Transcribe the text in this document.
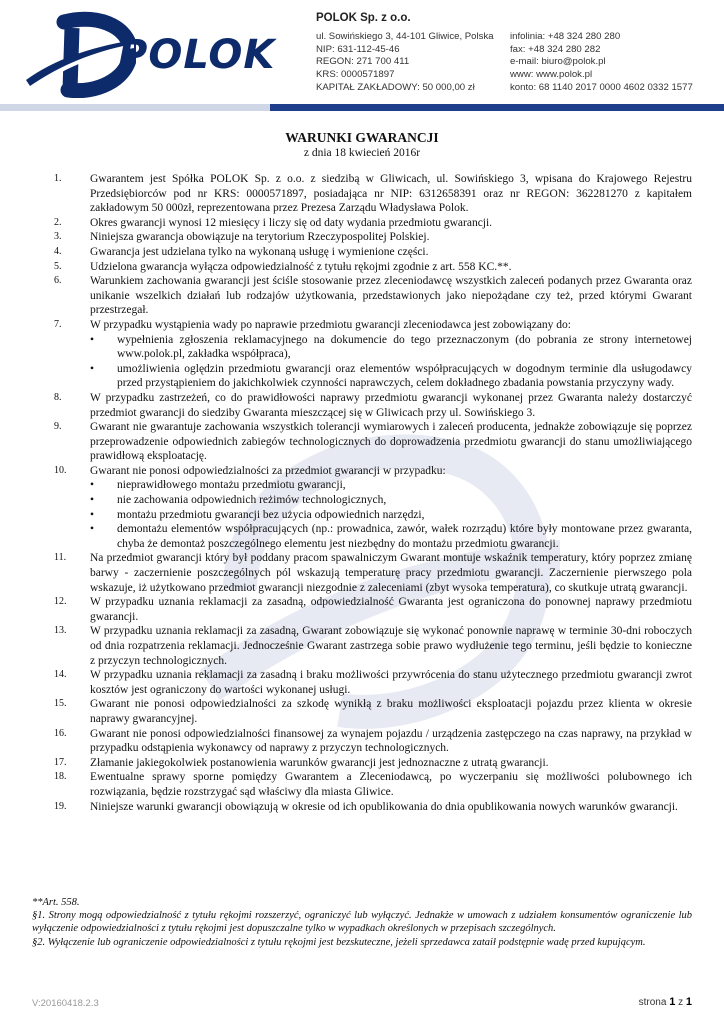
POLOK
POLOK Sp. z o.o.
ul. Sowińskiego 3, 44-101 Gliwice, Polska
NIP: 631-112-45-46
REGON: 271 700 411
KRS: 0000571897
KAPITAŁ ZAKŁADOWY: 50 000,00 zł
infolinia: +48 324 280 280
fax: +48 324 280 282
e-mail: biuro@polok.pl
www: www.polok.pl
konto: 68 1140 2017 0000 4602 0332 1577
WARUNKI GWARANCJI
z dnia 18 kwiecień 2016r
1. Gwarantem jest Spółka POLOK Sp. z o.o. z siedzibą w Gliwicach, ul. Sowińskiego 3, wpisana do Krajowego Rejestru Przedsiębiorców pod nr KRS: 0000571897, posiadająca nr NIP: 6312658391 oraz nr REGON: 362281270 z kapitałem zakładowym 50 000zł, reprezentowana przez Prezesa Zarządu Władysława Polok.
2. Okres gwarancji wynosi 12 miesięcy i liczy się od daty wydania przedmiotu gwarancji.
3. Niniejsza gwarancja obowiązuje na terytorium Rzeczypospolitej Polskiej.
4. Gwarancja jest udzielana tylko na wykonaną usługę i wymienione części.
5. Udzielona gwarancja wyłącza odpowiedzialność z tytułu rękojmi zgodnie z art. 558 KC.**.
6. Warunkiem zachowania gwarancji jest ściśle stosowanie przez zleceniodawcę wszystkich zaleceń podanych przez Gwaranta oraz unikanie wszelkich działań lub rodzajów użytkowania, przedstawionych jako niepożądane czy też, przed którymi Gwarant przestrzegał.
7. W przypadku wystąpienia wady po naprawie przedmiotu gwarancji zleceniodawca jest zobowiązany do:
• wypełnienia zgłoszenia reklamacyjnego na dokumencie do tego przeznaczonym (do pobrania ze strony internetowej www.polok.pl, zakładka współpraca),
• umożliwienia oględzin przedmiotu gwarancji oraz elementów współpracujących w dogodnym terminie dla usługodawcy przed przystąpieniem do jakichkolwiek czynności naprawczych, celem dokładnego zbadania powstania przyczyny wady.
8. W przypadku zastrzeżeń, co do prawidłowości naprawy przedmiotu gwarancji wykonanej przez Gwaranta należy dostarczyć przedmiot gwarancji do siedziby Gwaranta mieszczącej się w Gliwicach przy ul. Sowińskiego 3.
9. Gwarant nie gwarantuje zachowania wszystkich tolerancji wymiarowych i zaleceń producenta, jednakże zobowiązuje się poprzez przeprowadzenie odpowiednich zabiegów technologicznych do doprowadzenia przedmiotu gwarancji do stanu umożliwiającego prawidłową eksploatację.
10. Gwarant nie ponosi odpowiedzialności za przedmiot gwarancji w przypadku:
• nieprawidłowego montażu przedmiotu gwarancji,
• nie zachowania odpowiednich reżimów technologicznych,
• montażu przedmiotu gwarancji bez użycia odpowiednich narzędzi,
• demontażu elementów współpracujących (np.: prowadnica, zawór, wałek rozrządu) które były montowane przez gwaranta, chyba że demontaż poszczególnego elementu jest niezbędny do montażu przedmiotu gwarancji.
11. Na przedmiot gwarancji który był poddany pracom spawalniczym Gwarant montuje wskaźnik temperatury, który poprzez zmianę barwy - zaczernienie poszczególnych pól wskazują temperaturę pracy przedmiotu gwarancji. Zaczernienie pierwszego pola wskazuje, iż użytkowano przedmiot gwarancji niezgodnie z zaleceniami (zbyt wysoka temperatura), co skutkuje utratą gwarancji.
12. W przypadku uznania reklamacji za zasadną, odpowiedzialność Gwaranta jest ograniczona do ponownej naprawy przedmiotu gwarancji.
13. W przypadku uznania reklamacji za zasadną, Gwarant zobowiązuje się wykonać ponownie naprawę w terminie 30-dni roboczych od dnia rozpatrzenia reklamacji. Jednocześnie Gwarant zastrzega sobie prawo wydłużenie tego terminu, jeśli będzie to konieczne z przyczyn technologicznych.
14. W przypadku uznania reklamacji za zasadną i braku możliwości przywrócenia do stanu użytecznego przedmiotu gwarancji zwrot kosztów jest ograniczony do wartości wykonanej usługi.
15. Gwarant nie ponosi odpowiedzialności za szkodę wynikłą z braku możliwości eksploatacji pojazdu przez klienta w okresie naprawy gwarancyjnej.
16. Gwarant nie ponosi odpowiedzialności finansowej za wynajem pojazdu / urządzenia zastępczego na czas naprawy, na przykład w przypadku odstąpienia wykonawcy od naprawy z przyczyn technologicznych.
17. Złamanie jakiegokolwiek postanowienia warunków gwarancji jest jednoznaczne z utratą gwarancji.
18. Ewentualne sprawy sporne pomiędzy Gwarantem a Zleceniodawcą, po wyczerpaniu się możliwości polubownego ich rozwiązania, będzie rozstrzygać sąd właściwy dla miasta Gliwice.
19. Niniejsze warunki gwarancji obowiązują w okresie od ich opublikowania do dnia opublikowania nowych warunków gwarancji.
**Art. 558.
§1. Strony mogą odpowiedzialność z tytułu rękojmi rozszerzyć, ograniczyć lub wyłączyć. Jednakże w umowach z udziałem konsumentów ograniczenie lub wyłączenie odpowiedzialności z tytułu rękojmi jest dopuszczalne tylko w wypadkach określonych w przepisach szczególnych.
§2. Wyłączenie lub ograniczenie odpowiedzialności z tytułu rękojmi jest bezskuteczne, jeżeli sprzedawca zataił podstępnie wadę przed kupującym.
V:20160418.2.3	strona 1 z 1
